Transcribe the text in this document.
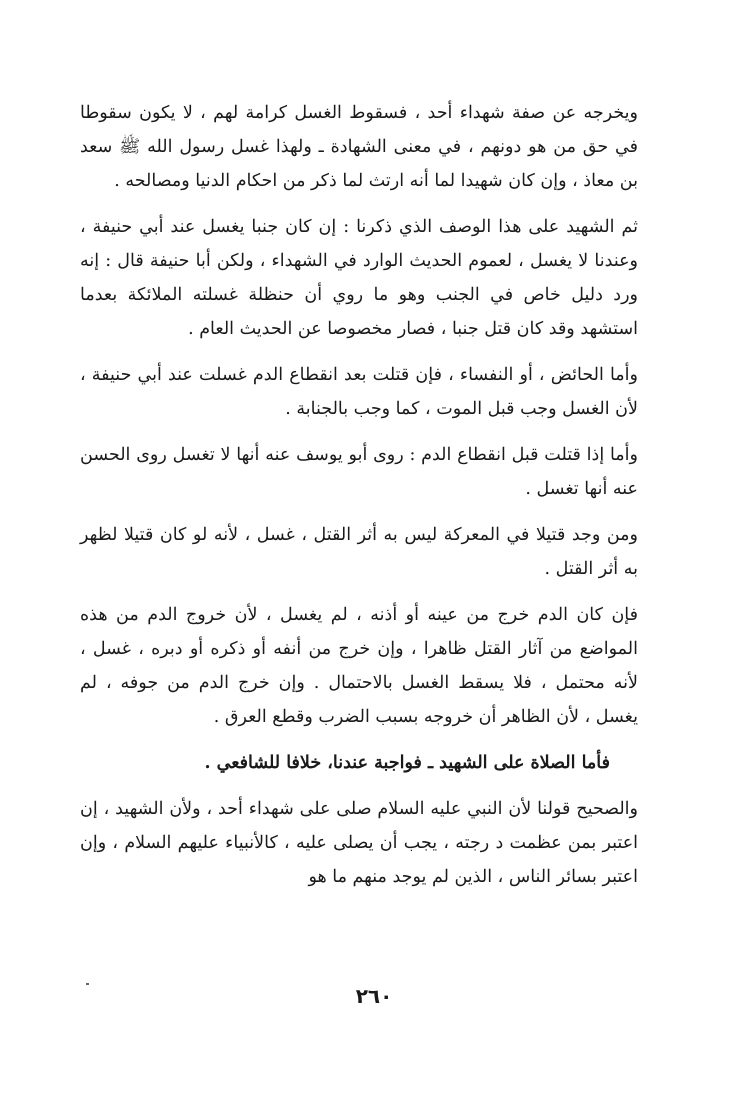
ويخرجه عن صفة شهداء أحد ، فسقوط الغسل كرامة لهم ، لا يكون سقوطا في حق من هو دونهم ، في معنى الشهادة ـ ولهذا غسل رسول الله ﷺ سعد بن معاذ ، وإن كان شهيدا لما أنه ارتث لما ذكر من احكام الدنيا ومصالحه .

ثم الشهيد على هذا الوصف الذي ذكرنا : إن كان جنبا يغسل عند أبي حنيفة ، وعندنا لا يغسل ، لعموم الحديث الوارد في الشهداء ، ولكن أبا حنيفة قال : إنه ورد دليل خاص في الجنب وهو ما روي أن حنظلة غسلته الملائكة بعدما استشهد وقد كان قتل جنبا ، فصار مخصوصا عن الحديث العام .

وأما الحائض ، أو النفساء ، فإن قتلت بعد انقطاع الدم غسلت عند أبي حنيفة ، لأن الغسل وجب قبل الموت ، كما وجب بالجنابة .

وأما إذا قتلت قبل انقطاع الدم : روى أبو يوسف عنه أنها لا تغسل روى الحسن عنه أنها تغسل .

ومن وجد قتيلا في المعركة ليس به أثر القتل ، غسل ، لأنه لو كان قتيلا لظهر به أثر القتل .

فإن كان الدم خرج من عينه أو أذنه ، لم يغسل ، لأن خروج الدم من هذه المواضع من آثار القتل ظاهرا ، وإن خرج من أنفه أو ذكره أو دبره ، غسل ، لأنه محتمل ، فلا يسقط الغسل بالاحتمال . وإن خرج الدم من جوفه ، لم يغسل ، لأن الظاهر أن خروجه بسبب الضرب وقطع العرق .

فأما الصلاة على الشهيد ـ فواجبة عندنا، خلافا للشافعي .

والصحيح قولنا لأن النبي عليه السلام صلى على شهداء أحد ، ولأن الشهيد ، إن اعتبر بمن عظمت د رجته ، يجب أن يصلى عليه ، كالأنبياء عليهم السلام ، وإن اعتبر بسائر الناس ، الذين لم يوجد منهم ما هو

٢٦٠
